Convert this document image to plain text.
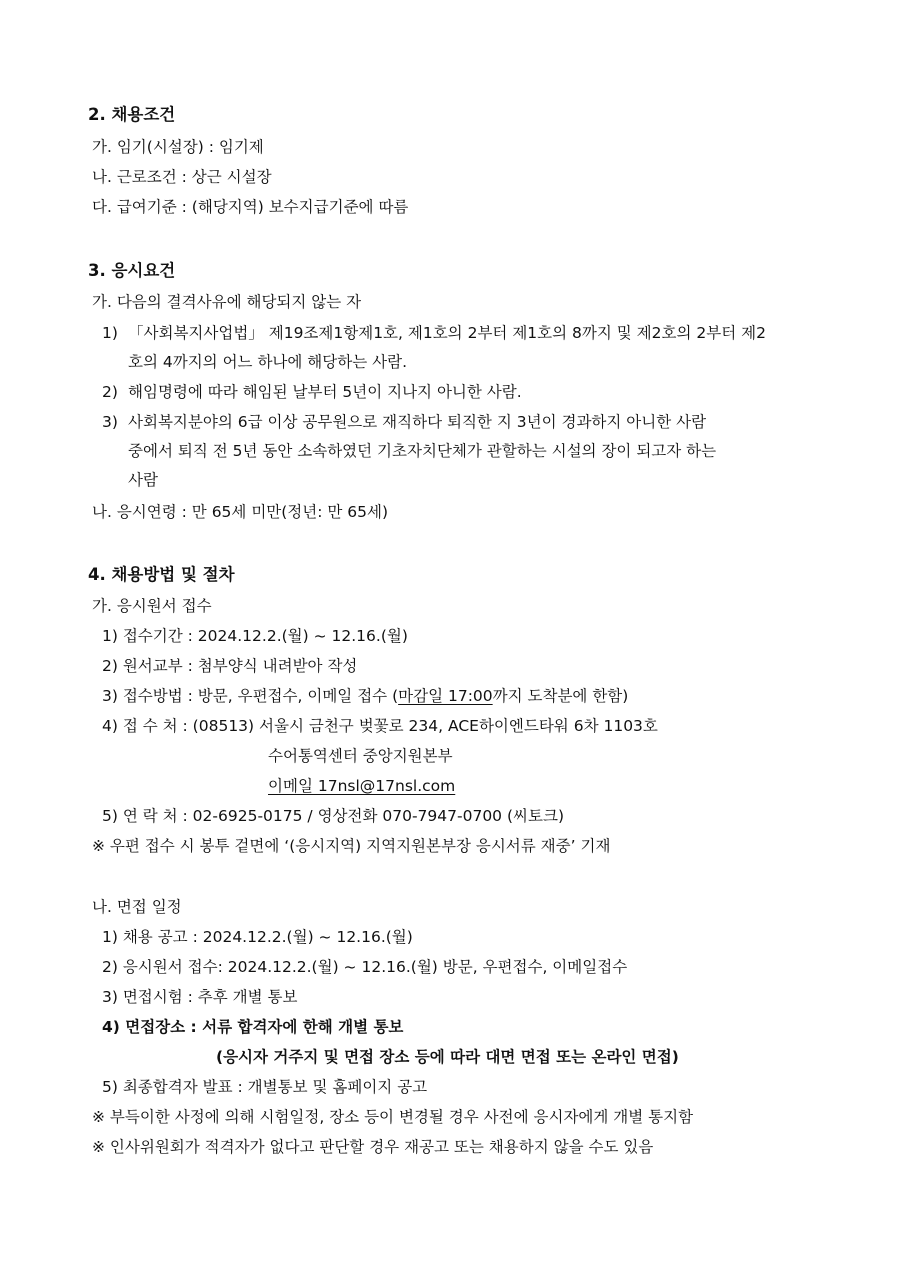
2. 채용조건
가. 임기(시설장) : 임기제
나. 근로조건 : 상근 시설장
다. 급여기준 : (해당지역) 보수지급기준에 따름
3. 응시요건
가. 다음의 결격사유에 해당되지 않는 자
1) 「사회복지사업법」 제19조제1항제1호, 제1호의 2부터 제1호의 8까지 및 제2호의 2부터 제2
호의 4까지의 어느 하나에 해당하는 사람.
2) 해임명령에 따라 해임된 날부터 5년이 지나지 아니한 사람.
3) 사회복지분야의 6급 이상 공무원으로 재직하다 퇴직한 지 3년이 경과하지 아니한 사람
중에서 퇴직 전 5년 동안 소속하였던 기초자치단체가 관할하는 시설의 장이 되고자 하는
사람
나. 응시연령 : 만 65세 미만(정년: 만 65세)
4. 채용방법 및 절차
가. 응시원서 접수
1) 접수기간 : 2024.12.2.(월) ~ 12.16.(월)
2) 원서교부 : 첨부양식 내려받아 작성
3) 접수방법 : 방문, 우편접수, 이메일 접수 (마감일 17:00까지 도착분에 한함)
4) 접 수 처 : (08513) 서울시 금천구 벚꽃로 234, ACE하이엔드타워 6차 1103호
수어통역센터 중앙지원본부
이메일 17nsl@17nsl.com
5) 연 락 처 : 02-6925-0175 / 영상전화 070-7947-0700 (씨토크)
※ 우편 접수 시 봉투 겉면에 ‘(응시지역) 지역지원본부장 응시서류 재중’ 기재
나. 면접 일정
1) 채용 공고 : 2024.12.2.(월) ~ 12.16.(월)
2) 응시원서 접수: 2024.12.2.(월) ~ 12.16.(월) 방문, 우편접수, 이메일접수
3) 면접시험 : 추후 개별 통보
4) 면접장소 : 서류 합격자에 한해 개별 통보
(응시자 거주지 및 면접 장소 등에 따라 대면 면접 또는 온라인 면접)
5) 최종합격자 발표 : 개별통보 및 홈페이지 공고
※ 부득이한 사정에 의해 시험일정, 장소 등이 변경될 경우 사전에 응시자에게 개별 통지함
※ 인사위원회가 적격자가 없다고 판단할 경우 재공고 또는 채용하지 않을 수도 있음
